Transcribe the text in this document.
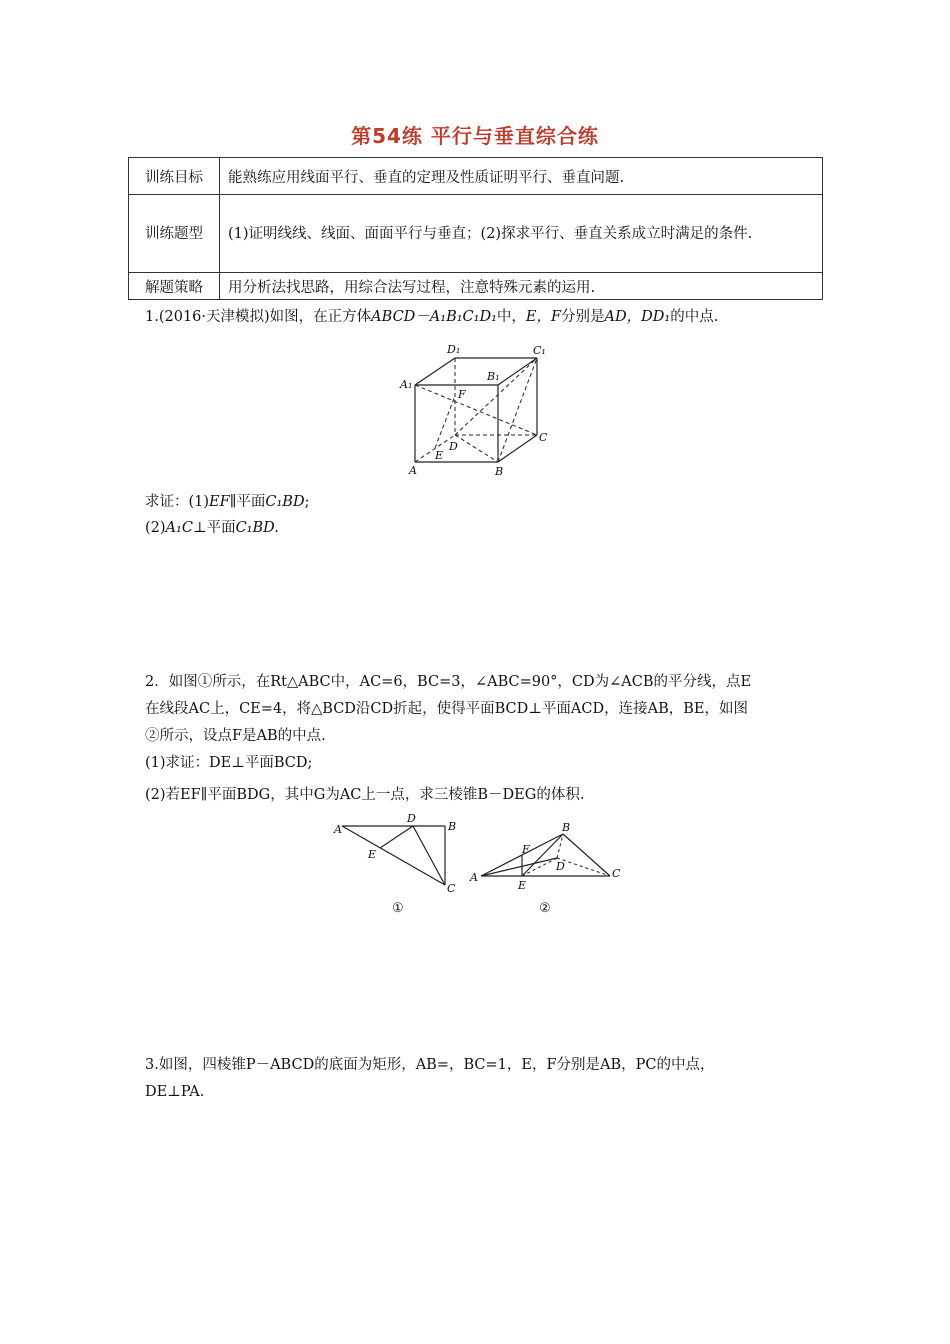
第54练 平行与垂直综合练
训练目标	能熟练应用线面平行、垂直的定理及性质证明平行、垂直问题.
训练题型	(1)证明线线、线面、面面平行与垂直；(2)探求平行、垂直关系成立时满足的条件.
解题策略	用分析法找思路，用综合法写过程，注意特殊元素的运用.
1.(2016·天津模拟)如图，在正方体ABCD－A₁B₁C₁D₁中，E，F分别是AD，DD₁的中点.
D₁	C₁
A₁
B₁
F
D
C
E
A	B
求证：(1)EF∥平面C₁BD;
(2)A₁C⊥平面C₁BD.
2．如图①所示，在Rt△ABC中，AC=6，BC=3，∠ABC=90°，CD为∠ACB的平分线，点E
在线段AC上，CE=4，将△BCD沿CD折起，使得平面BCD⊥平面ACD，连接AB，BE，如图
②所示，设点F是AB的中点.
(1)求证：DE⊥平面BCD;
(2)若EF∥平面BDG，其中G为AC上一点，求三棱锥B－DEG的体积.
A
D
B
E
C
①
B
F
D
A
E
C
②
3.如图，四棱锥P－ABCD的底面为矩形，AB=，BC=1，E，F分别是AB，PC的中点，
DE⊥PA.
